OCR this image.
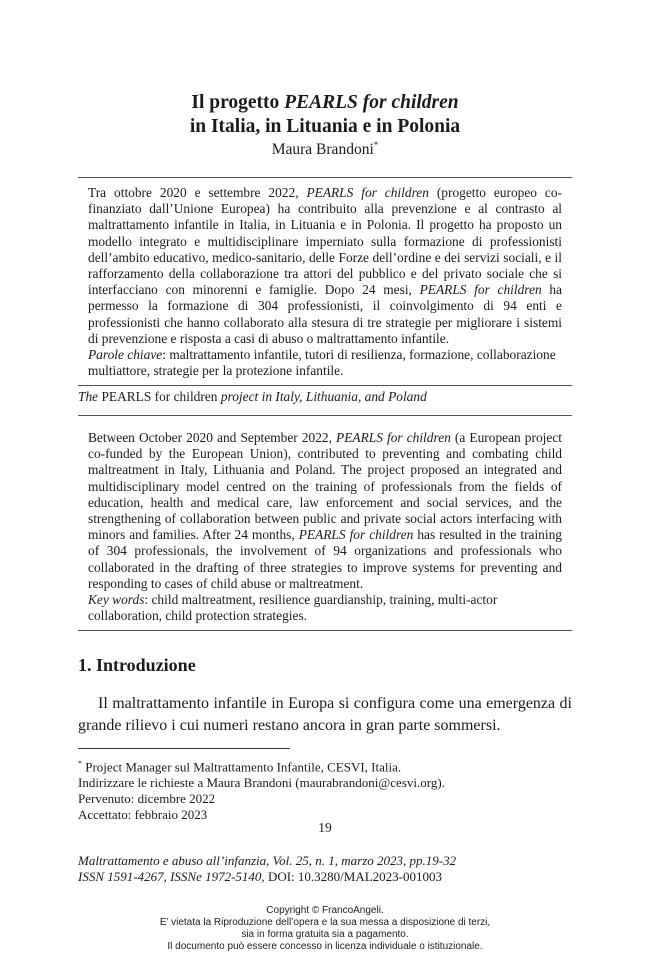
Il progetto PEARLS for children
in Italia, in Lituania e in Polonia
Maura Brandoni*

Tra ottobre 2020 e settembre 2022, PEARLS for children (progetto europeo co-finanziato dall’Unione Europea) ha contribuito alla prevenzione e al contrasto al maltrattamento infantile in Italia, in Lituania e in Polonia. Il progetto ha proposto un modello integrato e multidisciplinare imperniato sulla formazione di professionisti dell’ambito educativo, medico-sanitario, delle Forze dell’ordine e dei servizi sociali, e il rafforzamento della collaborazione tra attori del pubblico e del privato sociale che si interfacciano con minorenni e famiglie. Dopo 24 mesi, PEARLS for children ha permesso la formazione di 304 professionisti, il coinvolgimento di 94 enti e professionisti che hanno collaborato alla stesura di tre strategie per migliorare i sistemi di prevenzione e risposta a casi di abuso o maltrattamento infantile.

Parole chiave: maltrattamento infantile, tutori di resilienza, formazione, collaborazione multiattore, strategie per la protezione infantile.

The PEARLS for children project in Italy, Lithuania, and Poland

Between October 2020 and September 2022, PEARLS for children (a European project co-funded by the European Union), contributed to preventing and combating child maltreatment in Italy, Lithuania and Poland. The project proposed an integrated and multidisciplinary model centred on the training of professionals from the fields of education, health and medical care, law enforcement and social services, and the strengthening of collaboration between public and private social actors interfacing with minors and families. After 24 months, PEARLS for children has resulted in the training of 304 professionals, the involvement of 94 organizations and professionals who collaborated in the drafting of three strategies to improve systems for preventing and responding to cases of child abuse or maltreatment.

Key words: child maltreatment, resilience guardianship, training, multi-actor collaboration, child protection strategies.

1. Introduzione
Il maltrattamento infantile in Europa si configura come una emergenza di grande rilievo i cui numeri restano ancora in gran parte sommersi.
* Project Manager sul Maltrattamento Infantile, CESVI, Italia.
Indirizzare le richieste a Maura Brandoni (maurabrandoni@cesvi.org).
Pervenuto: dicembre 2022
Accettato: febbraio 2023
19
Maltrattamento e abuso all’infanzia, Vol. 25, n. 1, marzo 2023, pp.19-32
ISSN 1591-4267, ISSNe 1972-5140, DOI: 10.3280/MAL2023-001003
Copyright © FrancoAngeli.
E’ vietata la Riproduzione dell’opera e la sua messa a disposizione di terzi,
sia in forma gratuita sia a pagamento.
Il documento può essere concesso in licenza individuale o istituzionale.
